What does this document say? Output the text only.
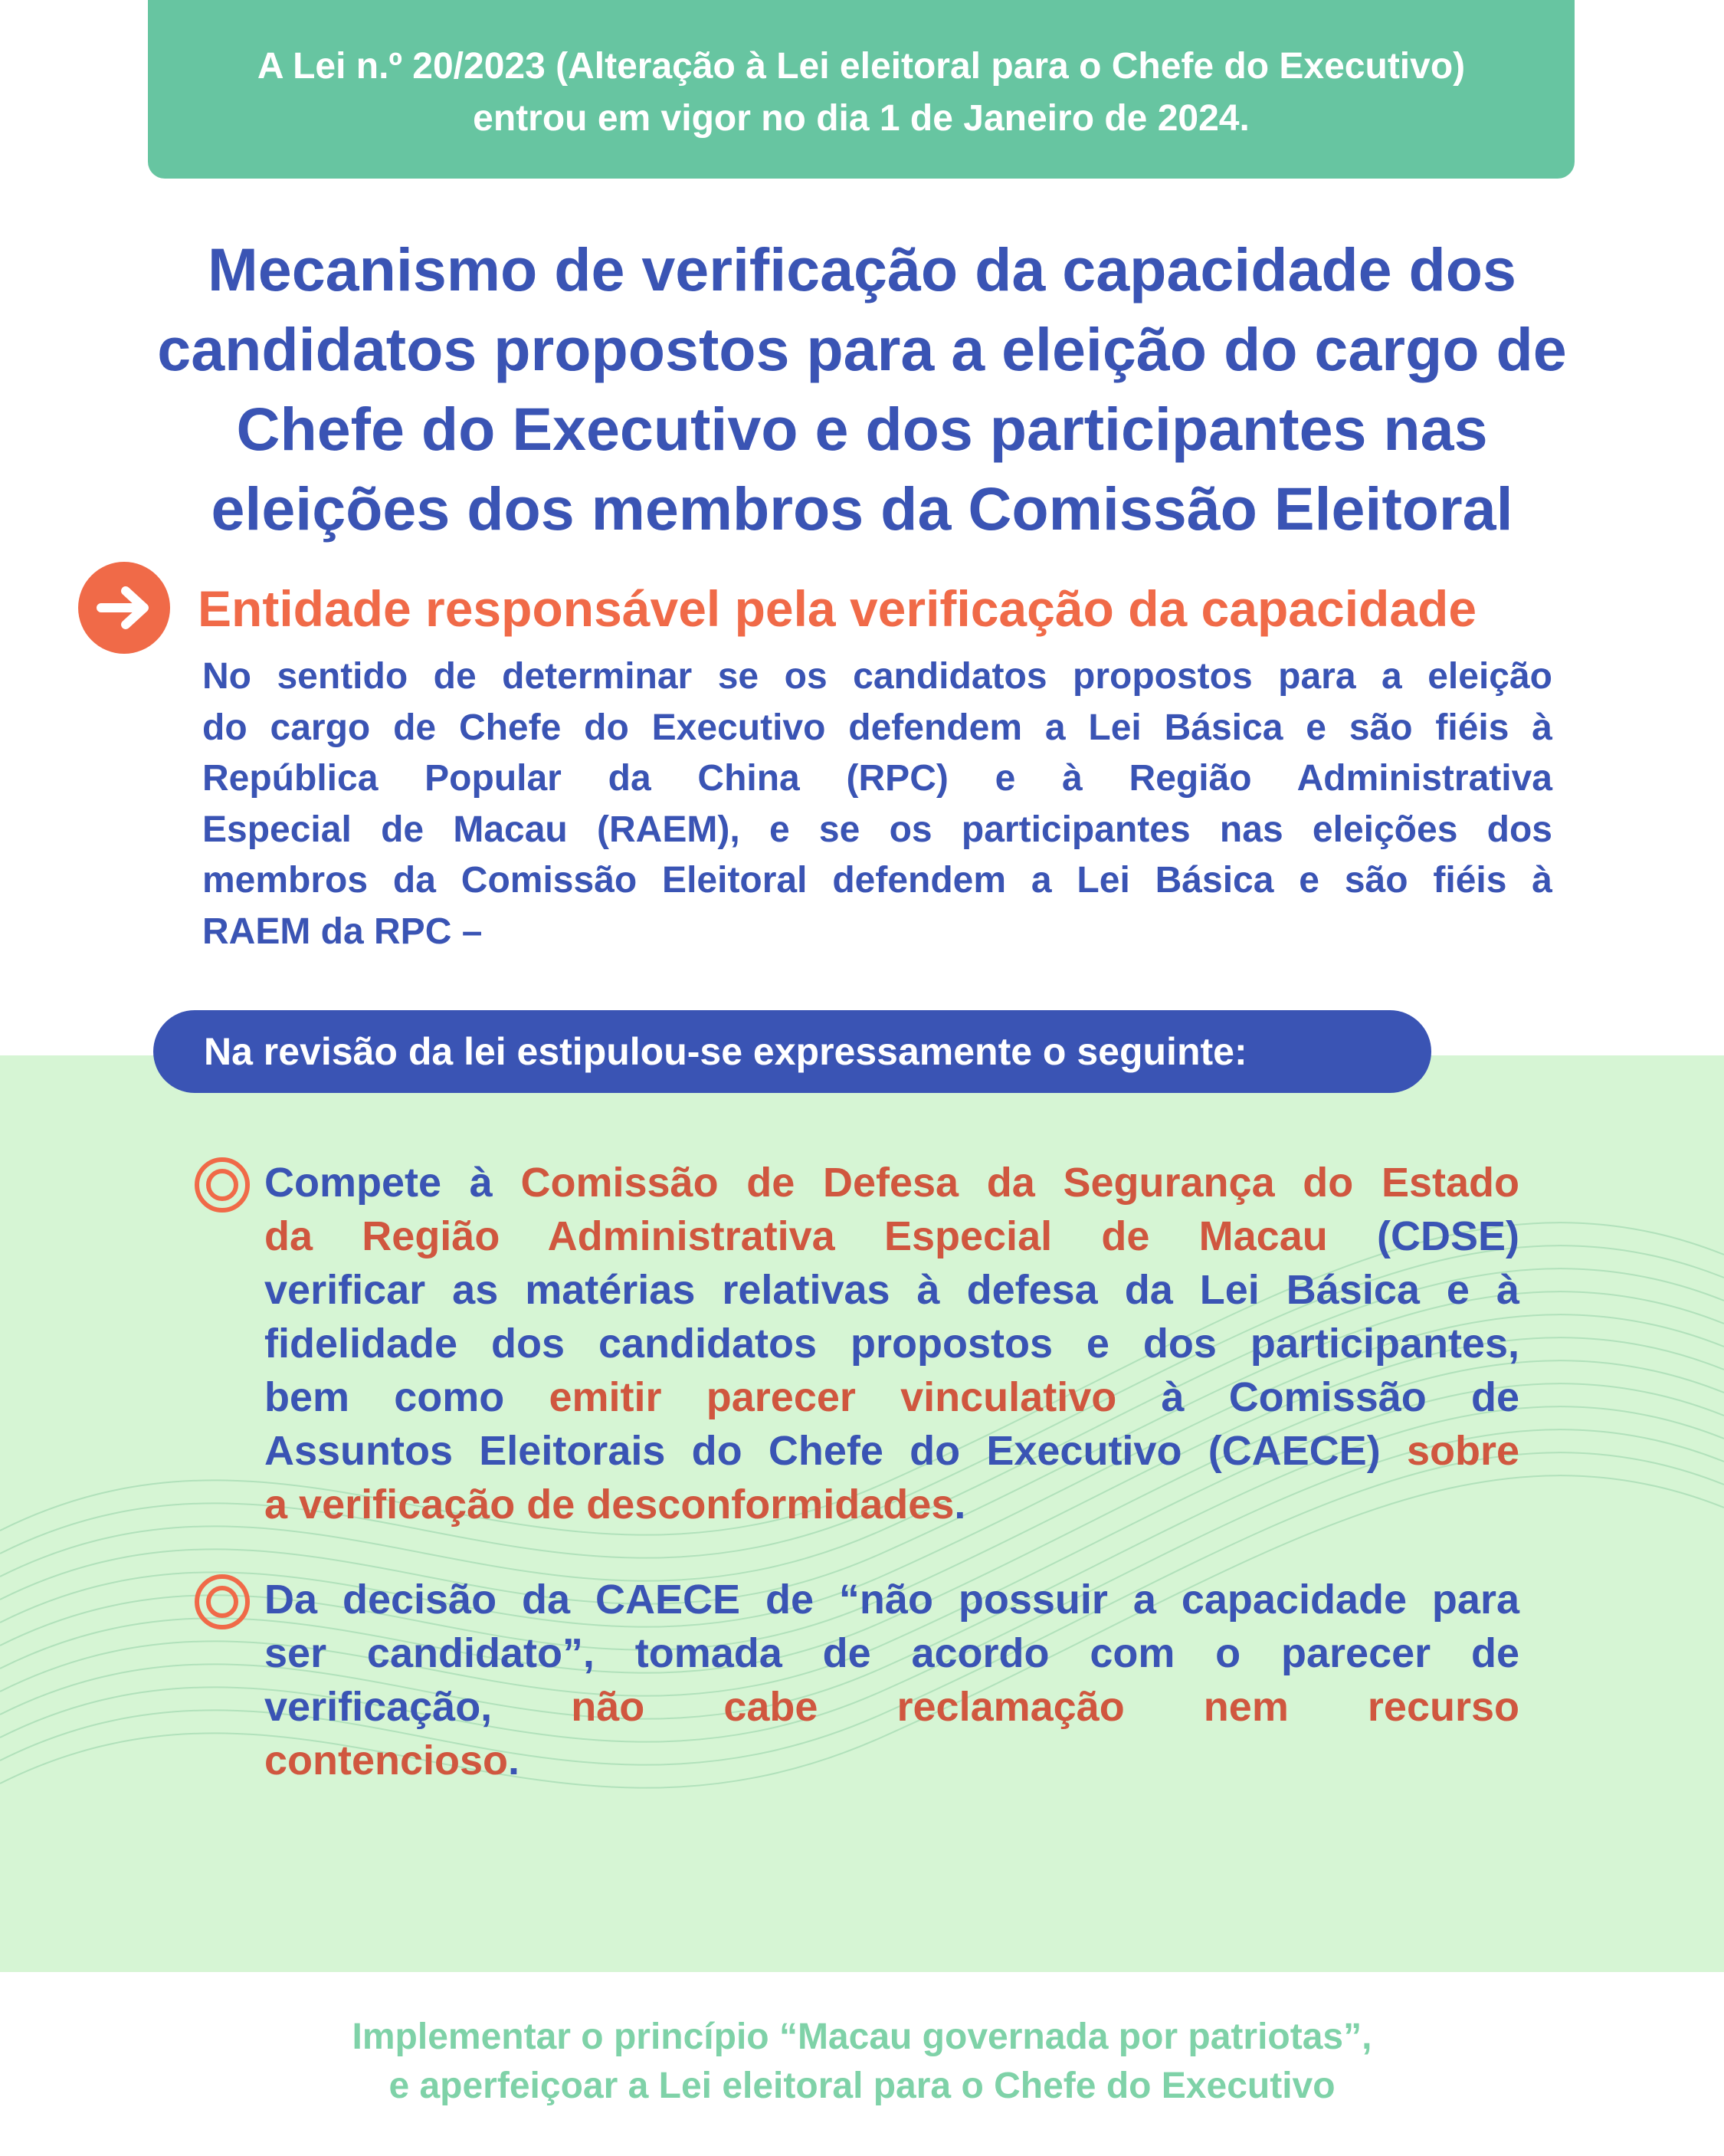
A Lei n.º 20/2023 (Alteração à Lei eleitoral para o Chefe do Executivo)
entrou em vigor no dia 1 de Janeiro de 2024.
Mecanismo de verificação da capacidade dos
candidatos propostos para a eleição do cargo de
Chefe do Executivo e dos participantes nas
eleições dos membros da Comissão Eleitoral
Entidade responsável pela verificação da capacidade
No sentido de determinar se os candidatos propostos para a eleição
do cargo de Chefe do Executivo defendem a Lei Básica e são fiéis à
República Popular da China (RPC) e à Região Administrativa
Especial de Macau (RAEM), e se os participantes nas eleições dos
membros da Comissão Eleitoral defendem a Lei Básica e são fiéis à
RAEM da RPC –
Na revisão da lei estipulou-se expressamente o seguinte:
Compete à Comissão de Defesa da Segurança do Estado
da Região Administrativa Especial de Macau (CDSE)
verificar as matérias relativas à defesa da Lei Básica e à
fidelidade dos candidatos propostos e dos participantes,
bem como emitir parecer vinculativo à Comissão de
Assuntos Eleitorais do Chefe do Executivo (CAECE) sobre
a verificação de desconformidades.
Da decisão da CAECE de “não possuir a capacidade para
ser candidato”, tomada de acordo com o parecer de
verificação, não cabe reclamação nem recurso
contencioso.
Implementar o princípio “Macau governada por patriotas”,
e aperfeiçoar a Lei eleitoral para o Chefe do Executivo
